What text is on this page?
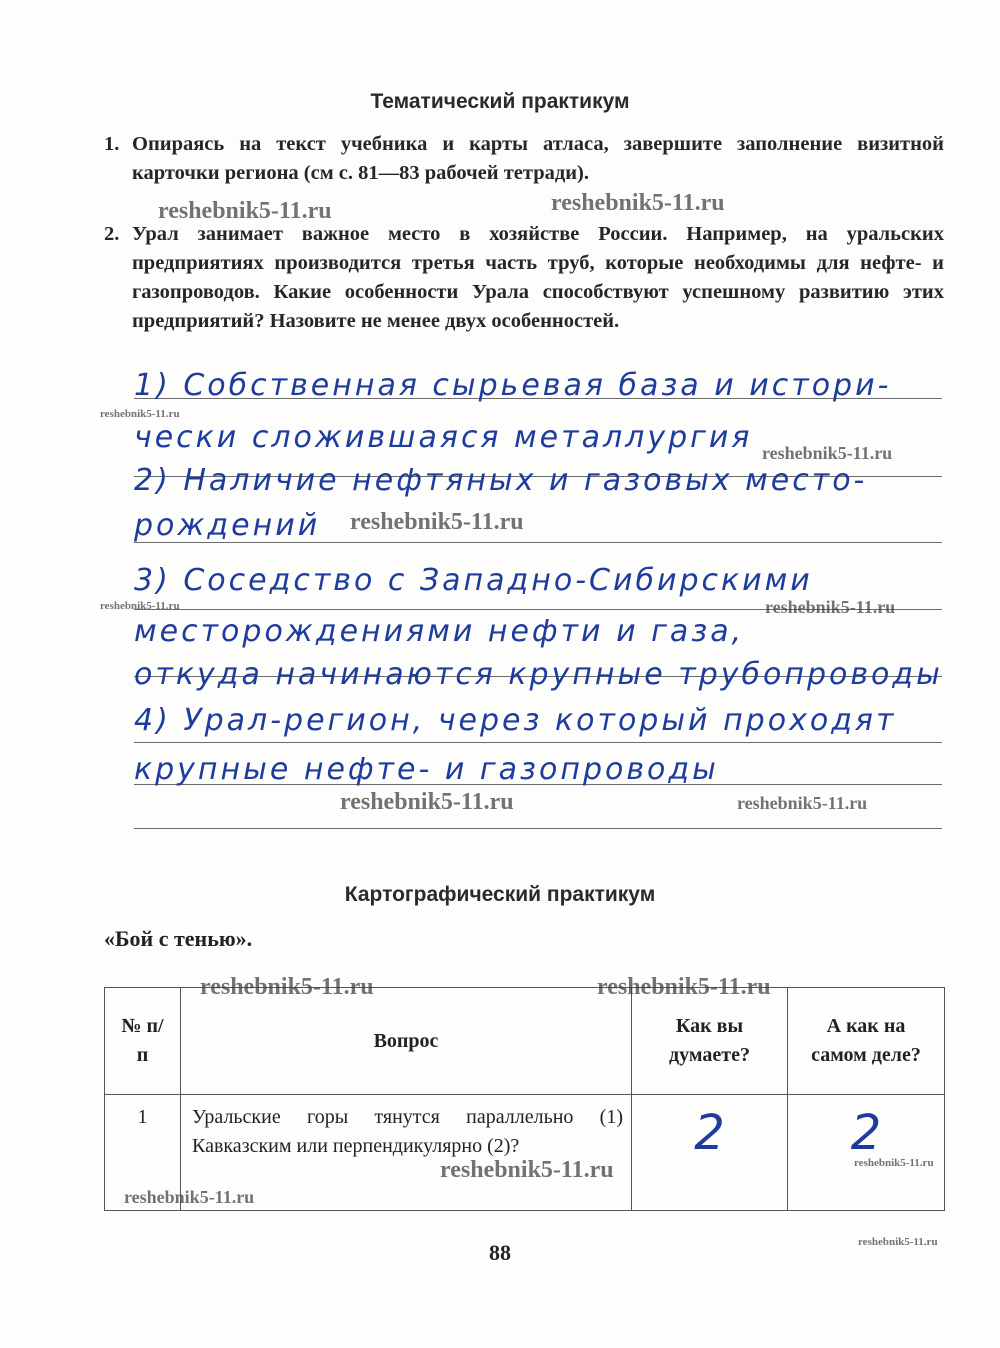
Тематический практикум
1. Опираясь на текст учебника и карты атласа, завершите заполнение визитной карточки региона (см с. 81—83 рабочей тетради).
2. Урал занимает важное место в хозяйстве России. Например, на уральских предприятиях производится третья часть труб, которые необходимы для нефте- и газопроводов. Какие особенности Урала способствуют успешному развитию этих предприятий? Назовите не менее двух особенностей.
1) Собственная сырьевая база и истори-
чески сложившаяся металлургия
2) Наличие нефтяных и газовых место-
рождений
3) Соседство с Западно-Сибирскими
месторождениями нефти и газа,
откуда начинаются крупные трубопроводы
4) Урал-регион, через который проходят
крупные нефте- и газопроводы
Картографический практикум
«Бой с тенью».
№ п/п	Вопрос	Как вы думаете?	А как на самом деле?
1	Уральские горы тянутся параллельно (1) Кавказским или перпендикулярно (2)?	2	2
88
reshebnik5-11.ru	reshebnik5-11.ru
reshebnik5-11.ru
reshebnik5-11.ru
reshebnik5-11.ru
reshebnik5-11.ru	reshebnik5-11.ru
reshebnik5-11.ru	reshebnik5-11.ru
reshebnik5-11.ru	reshebnik5-11.ru
reshebnik5-11.ru	reshebnik5-11.ru
reshebnik5-11.ru
reshebnik5-11.ru
